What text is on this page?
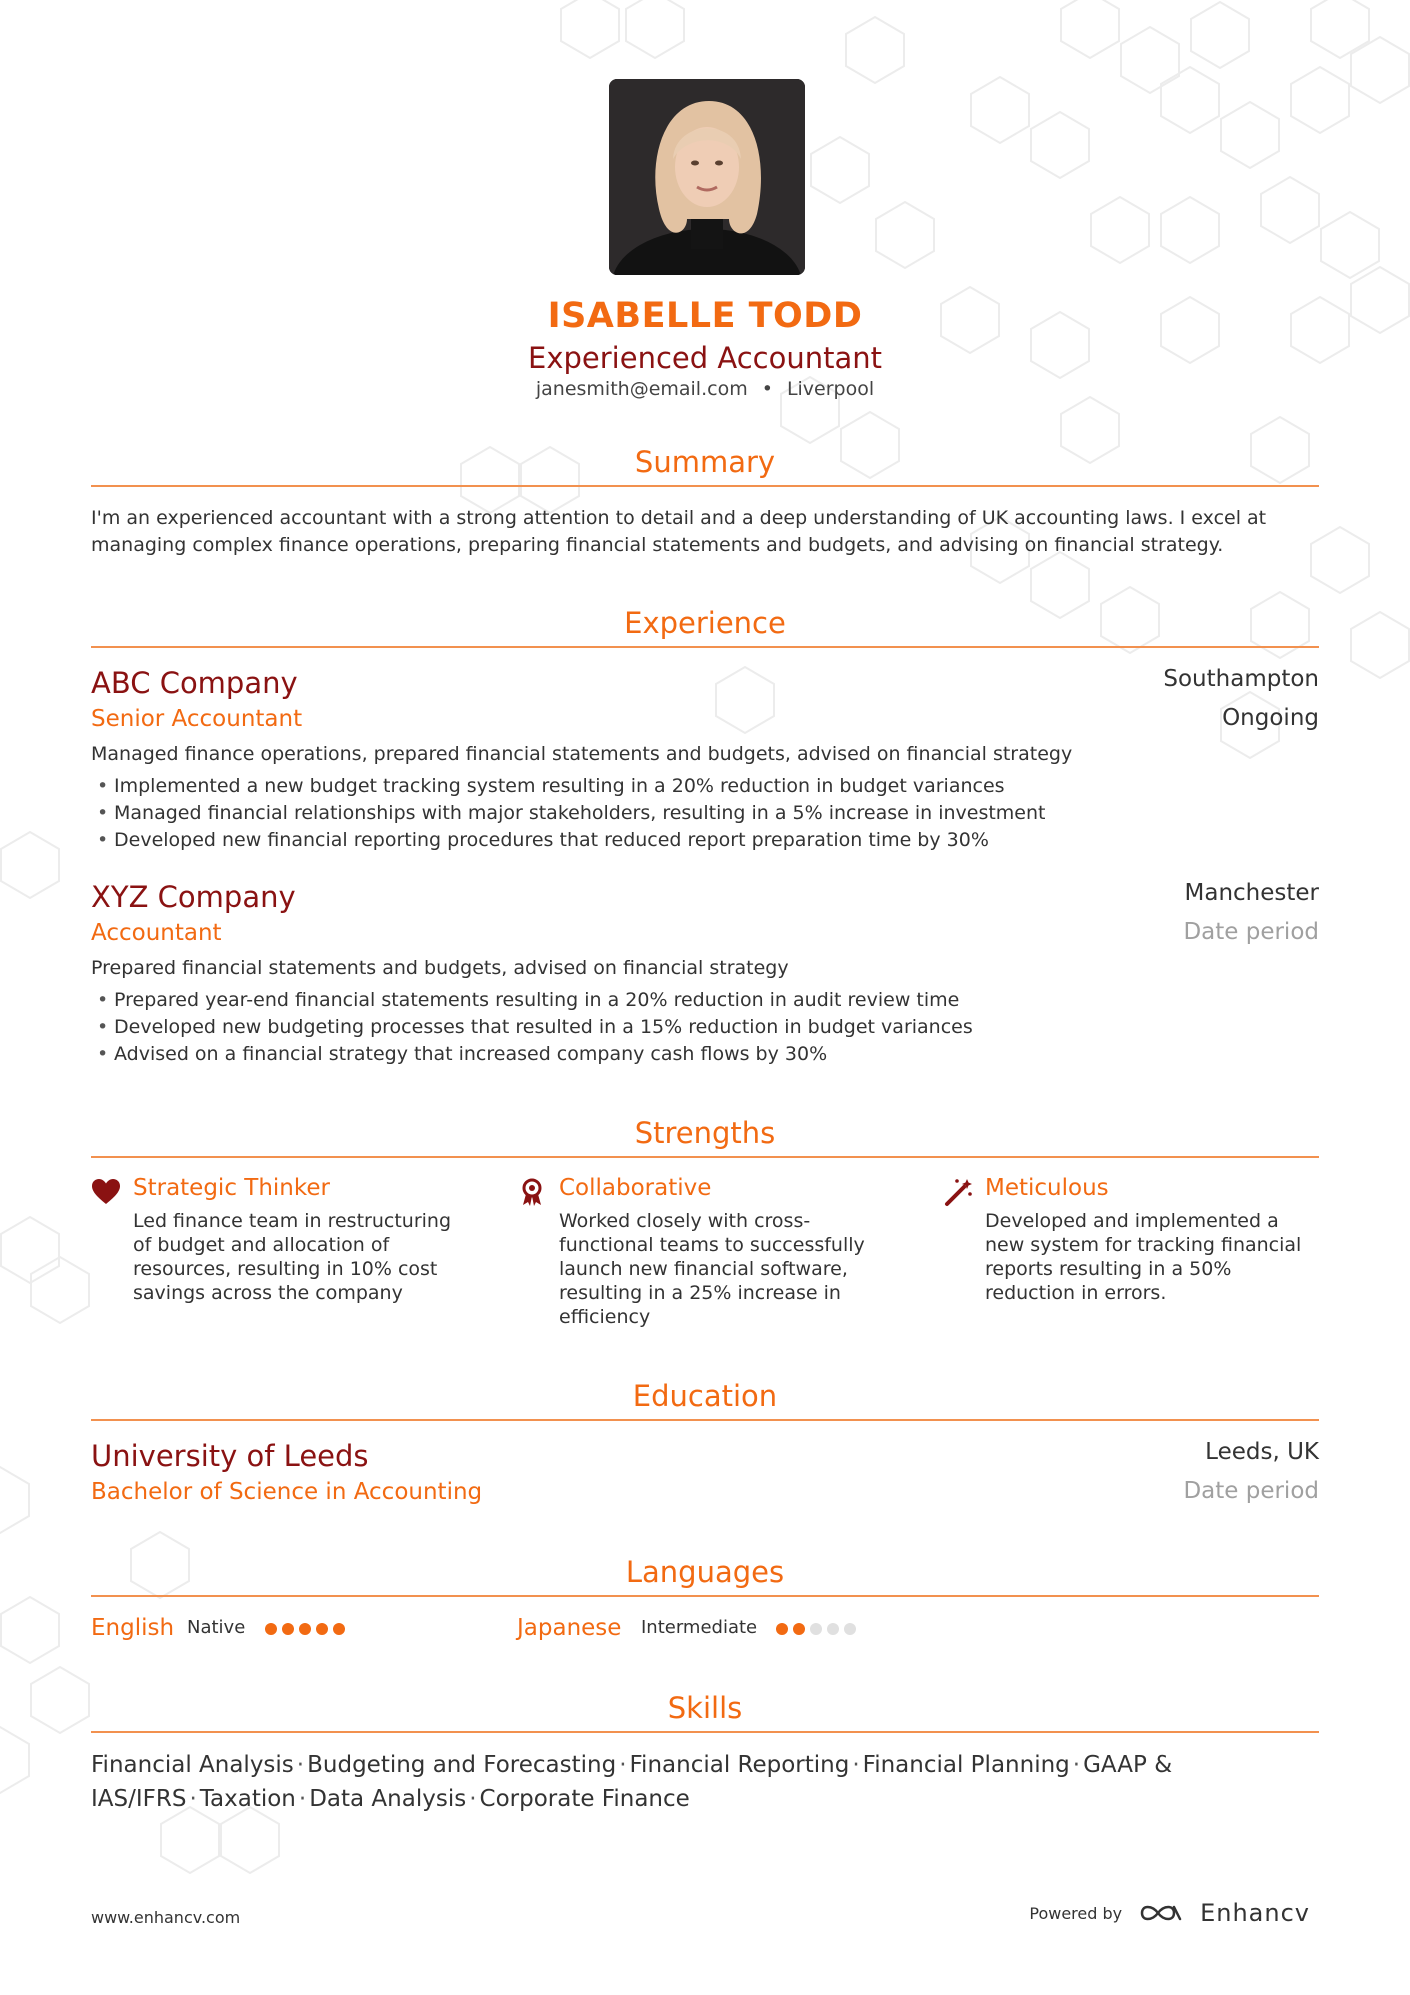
ISABELLE TODD
Experienced Accountant
janesmith@email.com • Liverpool
Summary
I'm an experienced accountant with a strong attention to detail and a deep understanding of UK accounting laws. I excel at managing complex finance operations, preparing financial statements and budgets, and advising on financial strategy.
Experience
ABC Company
Senior Accountant
Southampton
Ongoing
Managed finance operations, prepared financial statements and budgets, advised on financial strategy
• Implemented a new budget tracking system resulting in a 20% reduction in budget variances
• Managed financial relationships with major stakeholders, resulting in a 5% increase in investment
• Developed new financial reporting procedures that reduced report preparation time by 30%
XYZ Company
Accountant
Manchester
Date period
Prepared financial statements and budgets, advised on financial strategy
• Prepared year-end financial statements resulting in a 20% reduction in audit review time
• Developed new budgeting processes that resulted in a 15% reduction in budget variances
• Advised on a financial strategy that increased company cash flows by 30%
Strengths
Strategic Thinker
Led finance team in restructuring of budget and allocation of resources, resulting in 10% cost savings across the company
Collaborative
Worked closely with cross-functional teams to successfully launch new financial software, resulting in a 25% increase in efficiency
Meticulous
Developed and implemented a new system for tracking financial reports resulting in a 50% reduction in errors.
Education
University of Leeds
Bachelor of Science in Accounting
Leeds, UK
Date period
Languages
English Native	Japanese Intermediate
Skills
Financial Analysis · Budgeting and Forecasting · Financial Reporting · Financial Planning · GAAP & IAS/IFRS · Taxation · Data Analysis · Corporate Finance
www.enhancv.com	Powered by	Enhancv
